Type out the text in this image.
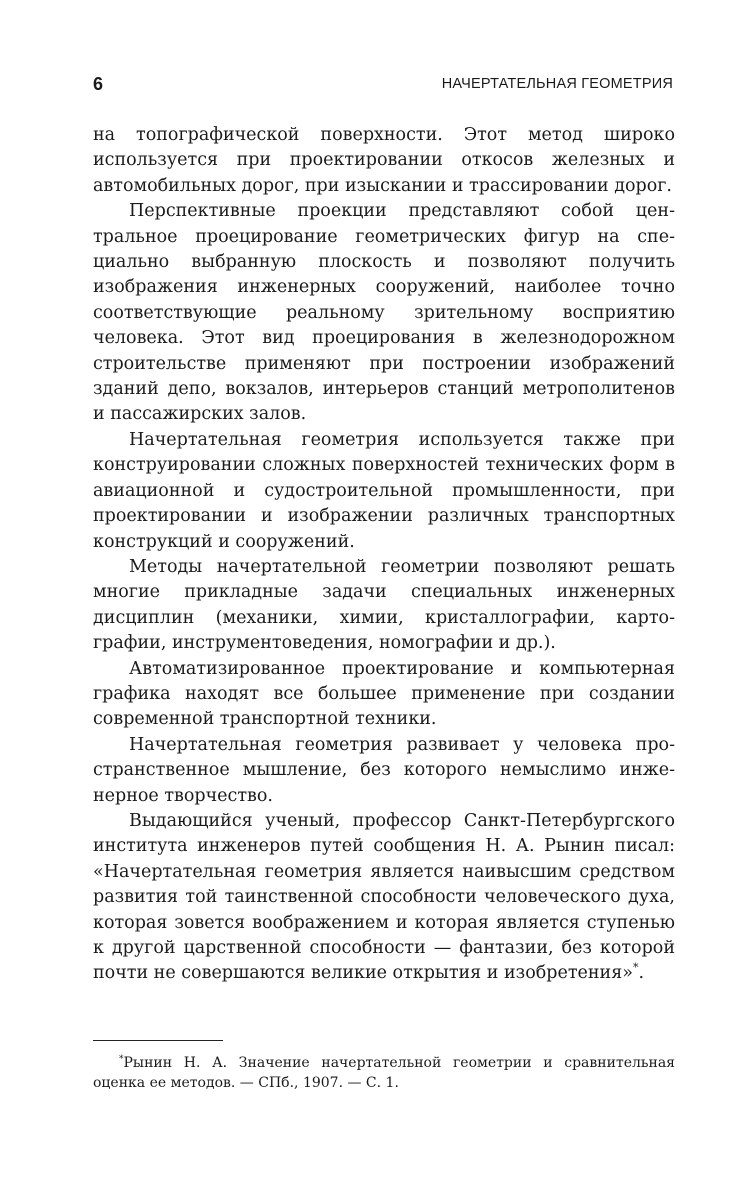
6	НАЧЕРТАТЕЛЬНАЯ ГЕОМЕТРИЯ

на топографической поверхности. Этот метод широко используется при проектировании откосов железных и автомобильных дорог, при изыскании и трассировании дорог.

Перспективные проекции представляют собой центральное проецирование геометрических фигур на специально выбранную плоскость и позволяют получить изображения инженерных сооружений, наиболее точно соответствующие реальному зрительному восприятию человека. Этот вид проецирования в железнодорожном строительстве применяют при построении изображений зданий депо, вокзалов, интерьеров станций метрополитенов и пассажирских залов.

Начертательная геометрия используется также при конструировании сложных поверхностей технических форм в авиационной и судостроительной промышленности, при проектировании и изображении различных транспортных конструкций и сооружений.

Методы начертательной геометрии позволяют решать многие прикладные задачи специальных инженерных дисциплин (механики, химии, кристаллографии, картографии, инструментоведения, номографии и др.).

Автоматизированное проектирование и компьютерная графика находят все большее применение при создании современной транспортной техники.

Начертательная геометрия развивает у человека пространственное мышление, без которого немыслимо инженерное творчество.

Выдающийся ученый, профессор Санкт-Петербургского института инженеров путей сообщения Н. А. Рынин писал: «Начертательная геометрия является наивысшим средством развития той таинственной способности человеческого духа, которая зовется воображением и которая является ступенью к другой царственной способности — фантазии, без которой почти не совершаются великие открытия и изобретения»*.

*Рынин Н. А. Значение начертательной геометрии и сравнительная оценка ее методов. — СПб., 1907. — С. 1.
